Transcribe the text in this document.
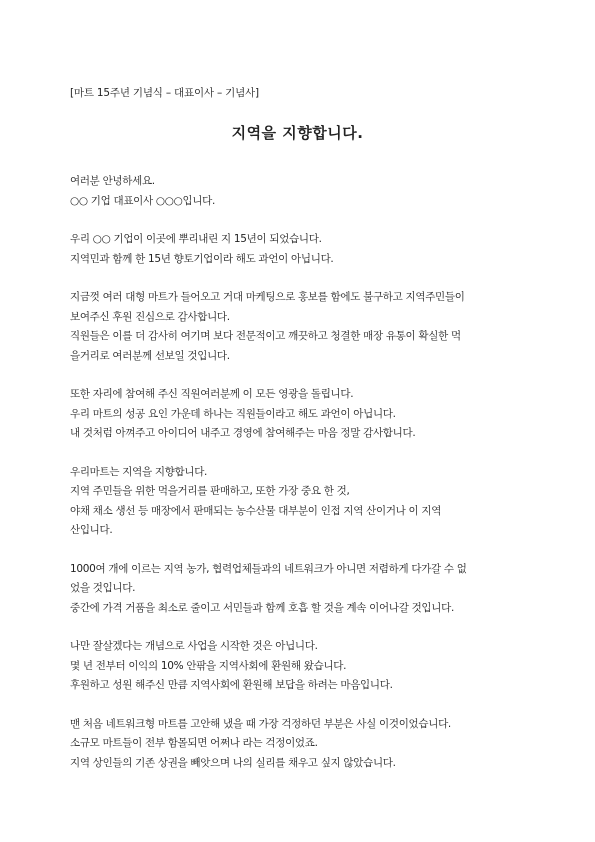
[마트 15주년 기념식 – 대표이사 – 기념사]
지역을 지향합니다.
여러분 안녕하세요.
○○ 기업 대표이사 ○○○입니다.
우리 ○○ 기업이 이곳에 뿌리내린 지 15년이 되었습니다.
지역민과 함께 한 15년 향토기업이라 해도 과언이 아닙니다.
지금껏 여러 대형 마트가 들어오고 거대 마케팅으로 홍보를 함에도 불구하고 지역주민들이
보여주신 후원 진심으로 감사합니다.
직원들은 이를 더 감사히 여기며 보다 전문적이고 깨끗하고 청결한 매장 유통이 확실한 먹
을거리로 여러분께 선보일 것입니다.
또한 자리에 참여해 주신 직원여러분께 이 모든 영광을 돌립니다.
우리 마트의 성공 요인 가운데 하나는 직원들이라고 해도 과언이 아닙니다.
내 것처럼 아껴주고 아이디어 내주고 경영에 참여해주는 마음 정말 감사합니다.
우리마트는 지역을 지향합니다.
지역 주민들을 위한 먹을거리를 판매하고, 또한 가장 중요 한 것,
야채 채소 생선 등 매장에서 판매되는 농수산물 대부분이 인접 지역 산이거나 이 지역
산입니다.
1000여 개에 이르는 지역 농가, 협력업체들과의 네트워크가 아니면 저렴하게 다가갈 수 없
었을 것입니다.
중간에 가격 거품을 최소로 줄이고 서민들과 함께 호흡 할 것을 계속 이어나갈 것입니다.
나만 잘살겠다는 개념으로 사업을 시작한 것은 아닙니다.
몇 년 전부터 이익의 10% 안팎을 지역사회에 환원해 왔습니다.
후원하고 성원 해주신 만큼 지역사회에 환원해 보답을 하려는 마음입니다.
맨 처음 네트워크형 마트를 고안해 냈을 때 가장 걱정하던 부분은 사실 이것이었습니다.
소규모 마트들이 전부 함몰되면 어쩌나 라는 걱정이었죠.
지역 상인들의 기존 상권을 빼앗으며 나의 실리를 채우고 싶지 않았습니다.
